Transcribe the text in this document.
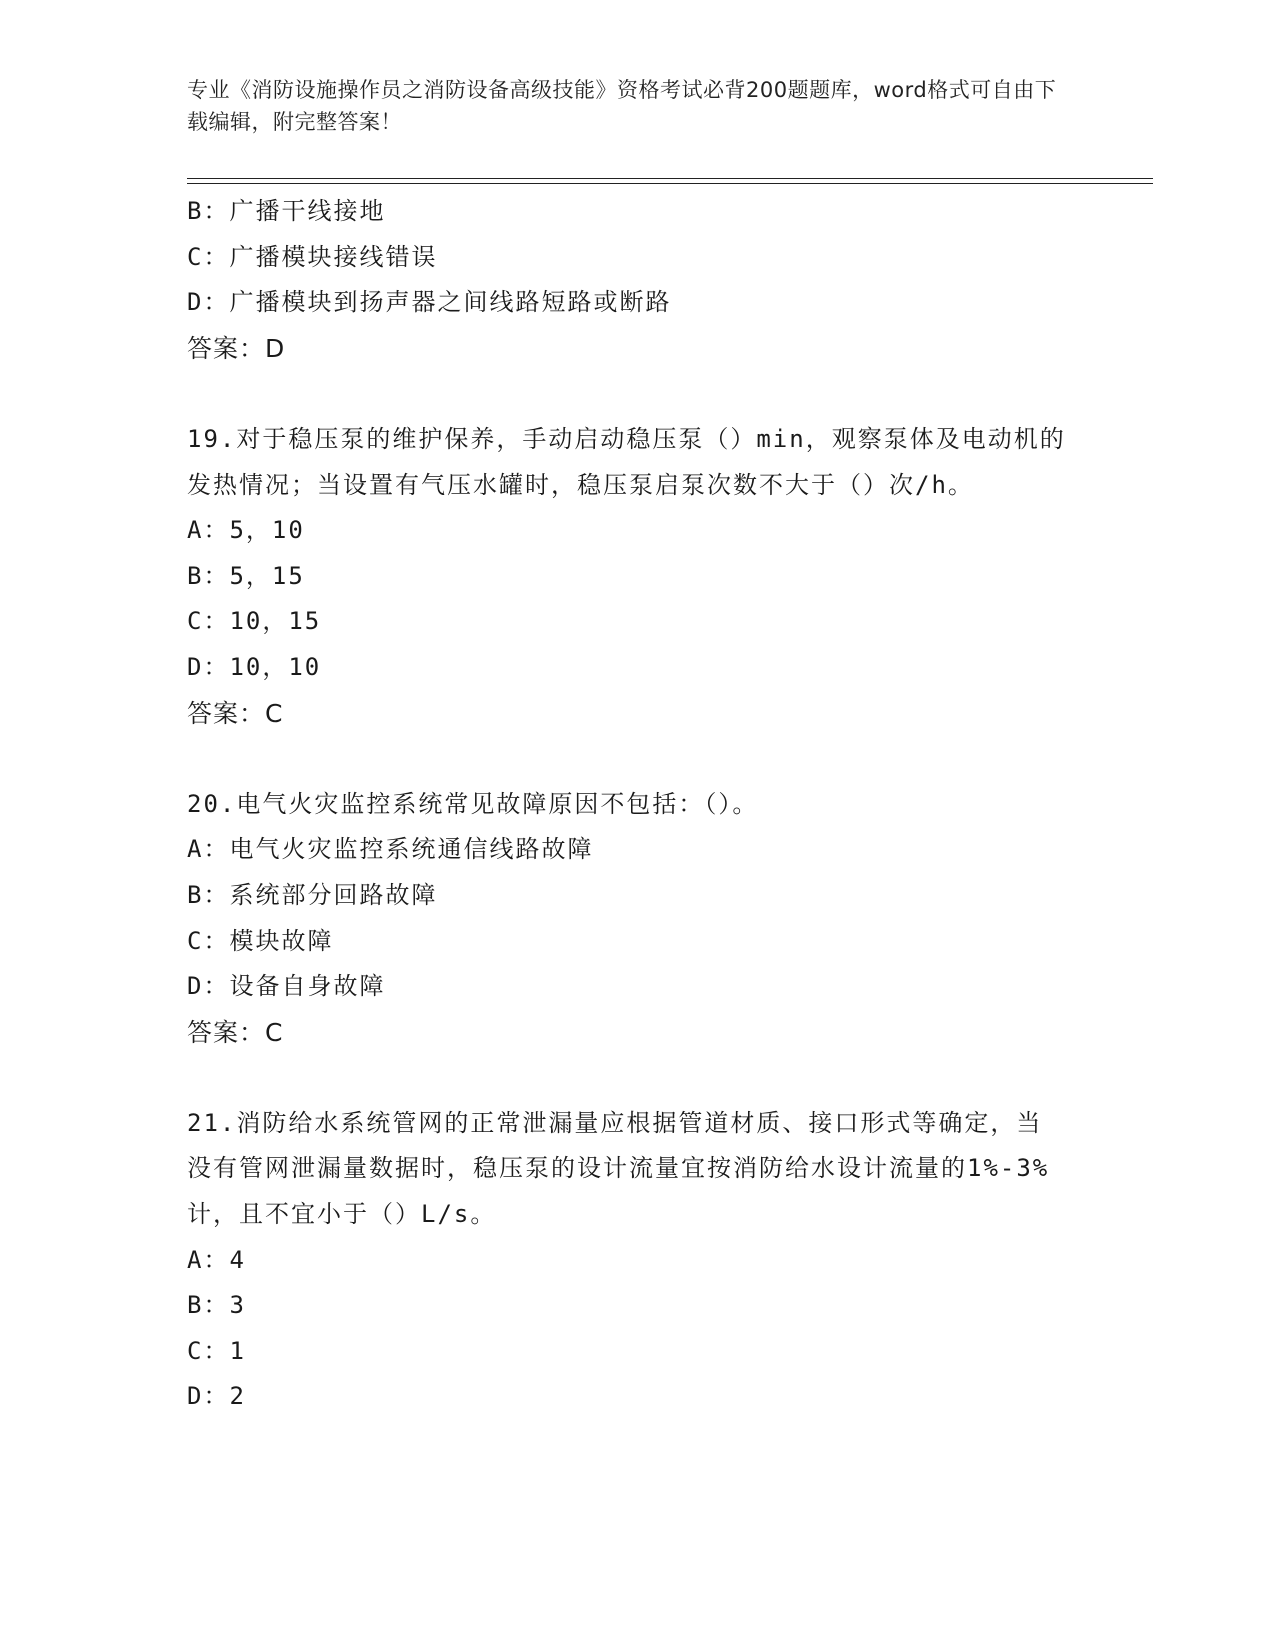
专业《消防设施操作员之消防设备高级技能》资格考试必背200题题库，word格式可自由下载编辑，附完整答案！
B：广播干线接地
C：广播模块接线错误
D：广播模块到扬声器之间线路短路或断路
答案：D
19.对于稳压泵的维护保养，手动启动稳压泵（）min，观察泵体及电动机的发热情况；当设置有气压水罐时，稳压泵启泵次数不大于（）次/h。
A：5，10
B：5，15
C：10，15
D：10，10
答案：C
20.电气火灾监控系统常见故障原因不包括：（）。
A：电气火灾监控系统通信线路故障
B：系统部分回路故障
C：模块故障
D：设备自身故障
答案：C
21.消防给水系统管网的正常泄漏量应根据管道材质、接口形式等确定，当没有管网泄漏量数据时，稳压泵的设计流量宜按消防给水设计流量的1%-3%计，且不宜小于（）L/s。
A：4
B：3
C：1
D：2
